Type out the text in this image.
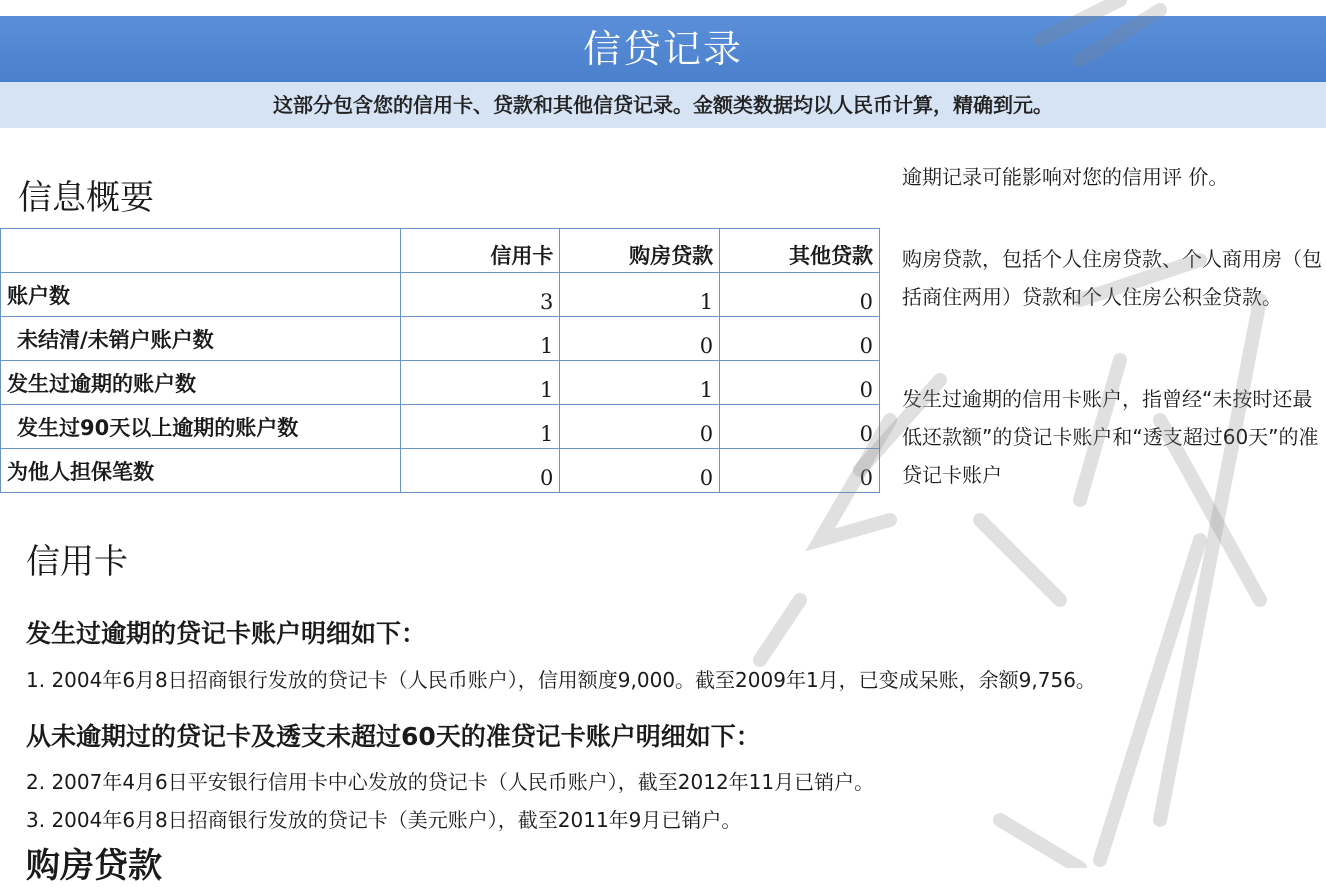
信贷记录
这部分包含您的信用卡、贷款和其他信贷记录。金额类数据均以人民币计算，精确到元。
信息概要
	信用卡	购房贷款	其他贷款
账户数	3	1	0
未结清/未销户账户数	1	0	0
发生过逾期的账户数	1	1	0
发生过90天以上逾期的账户数	1	0	0
为他人担保笔数	0	0	0
逾期记录可能影响对您的信用评 价。
购房贷款，包括个人住房贷款、个人商用房（包括商住两用）贷款和个人住房公积金贷款。
发生过逾期的信用卡账户，指曾经“未按时还最低还款额”的贷记卡账户和“透支超过60天”的准贷记卡账户
信用卡
发生过逾期的贷记卡账户明细如下：
1. 2004年6月8日招商银行发放的贷记卡（人民币账户），信用额度9,000。截至2009年1月，已变成呆账，余额9,756。
从未逾期过的贷记卡及透支未超过60天的准贷记卡账户明细如下：
2. 2007年4月6日平安银行信用卡中心发放的贷记卡（人民币账户），截至2012年11月已销户。
3. 2004年6月8日招商银行发放的贷记卡（美元账户），截至2011年9月已销户。
购房贷款
